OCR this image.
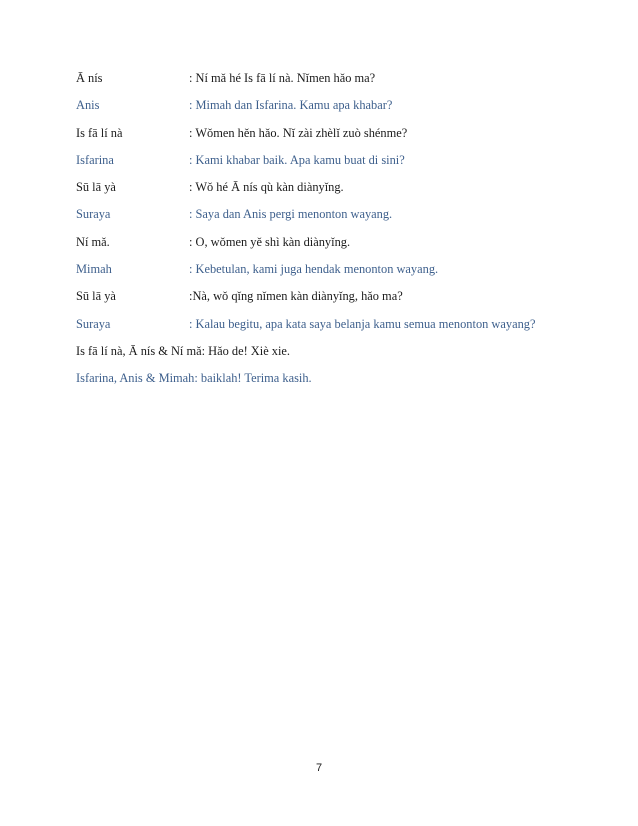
Ā nís	: Ní mǎ hé Is fā lí nà. Nǐmen hǎo ma?
Anis	: Mimah dan Isfarina. Kamu apa khabar?
Is fā lí nà	: Wǒmen hěn hǎo. Nǐ zài zhèlǐ zuò shénme?
Isfarina	: Kami khabar baik. Apa kamu buat di sini?
Sū lā yà	: Wǒ hé Ā nís qù kàn diànyǐng.
Suraya	: Saya dan Anis pergi menonton wayang.
Ní mǎ.	: O, wǒmen yě shì kàn diànyǐng.
Mimah	: Kebetulan, kami juga hendak menonton wayang.
Sū lā yà	:Nà, wǒ qǐng nǐmen kàn diànyǐng, hǎo ma?
Suraya	: Kalau begitu, apa kata saya belanja kamu semua menonton wayang?
Is fā lí nà, Ā nís & Ní mǎ: Hǎo de! Xiè xie.
Isfarina, Anis & Mimah: baiklah! Terima kasih.
7
